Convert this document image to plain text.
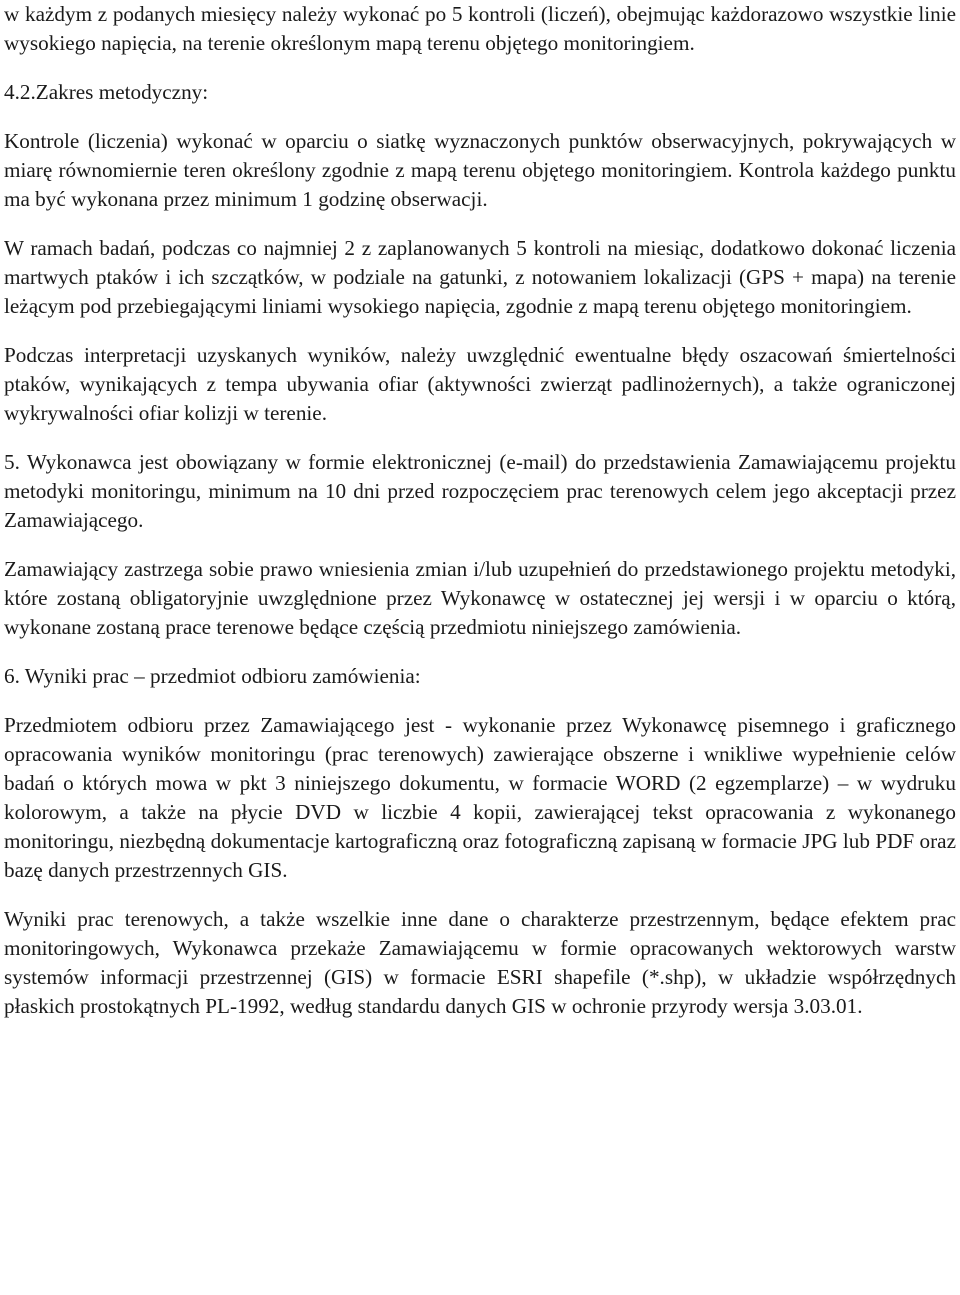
w każdym z podanych miesięcy należy wykonać po 5 kontroli (liczeń), obejmując każdorazowo wszystkie linie wysokiego napięcia, na terenie określonym mapą terenu objętego monitoringiem.

4.2.Zakres metodyczny:

Kontrole (liczenia) wykonać w oparciu o siatkę wyznaczonych punktów obserwacyjnych, pokrywających w miarę równomiernie teren określony zgodnie z mapą terenu objętego monitoringiem. Kontrola każdego punktu ma być wykonana przez minimum 1 godzinę obserwacji.

W ramach badań, podczas co najmniej 2 z zaplanowanych 5 kontroli na miesiąc, dodatkowo dokonać liczenia martwych ptaków i ich szczątków, w podziale na gatunki, z notowaniem lokalizacji (GPS + mapa) na terenie leżącym pod przebiegającymi liniami wysokiego napięcia, zgodnie z mapą terenu objętego monitoringiem.

Podczas interpretacji uzyskanych wyników, należy uwzględnić ewentualne błędy oszacowań śmiertelności ptaków, wynikających z tempa ubywania ofiar (aktywności zwierząt padlinożernych), a także ograniczonej wykrywalności ofiar kolizji w terenie.

5. Wykonawca jest obowiązany w formie elektronicznej (e-mail) do przedstawienia Zamawiającemu projektu metodyki monitoringu, minimum na 10 dni przed rozpoczęciem prac terenowych celem jego akceptacji przez Zamawiającego.

Zamawiający zastrzega sobie prawo wniesienia zmian i/lub uzupełnień do przedstawionego projektu metodyki, które zostaną obligatoryjnie uwzględnione przez Wykonawcę w ostatecznej jej wersji i w oparciu o którą, wykonane zostaną prace terenowe będące częścią przedmiotu niniejszego zamówienia.

6. Wyniki prac – przedmiot odbioru zamówienia:

Przedmiotem odbioru przez Zamawiającego jest - wykonanie przez Wykonawcę pisemnego i graficznego opracowania wyników monitoringu (prac terenowych) zawierające obszerne i wnikliwe wypełnienie celów badań o których mowa w pkt 3 niniejszego dokumentu, w formacie WORD (2 egzemplarze) – w wydruku kolorowym, a także na płycie DVD w liczbie 4 kopii, zawierającej tekst opracowania z wykonanego monitoringu, niezbędną dokumentacje kartograficzną oraz fotograficzną zapisaną w formacie JPG lub PDF oraz bazę danych przestrzennych GIS.

Wyniki prac terenowych, a także wszelkie inne dane o charakterze przestrzennym, będące efektem prac monitoringowych, Wykonawca przekaże Zamawiającemu w formie opracowanych wektorowych warstw systemów informacji przestrzennej (GIS) w formacie ESRI shapefile (*.shp), w układzie współrzędnych płaskich prostokątnych PL-1992, według standardu danych GIS w ochronie przyrody wersja 3.03.01.
